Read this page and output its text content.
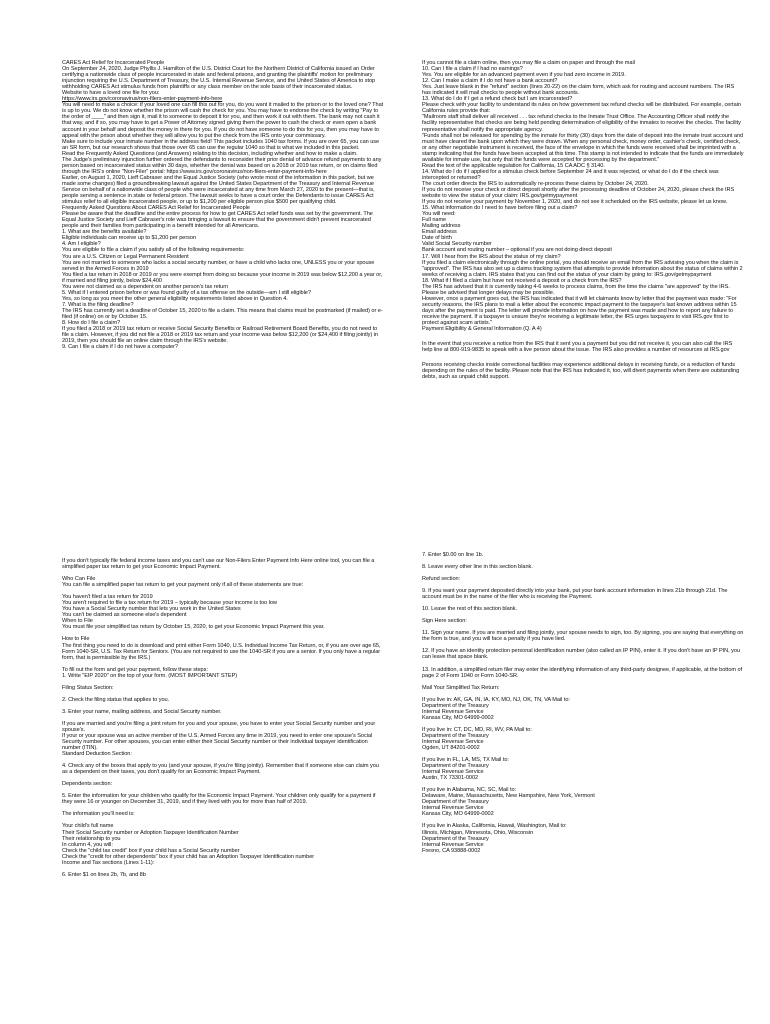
CARES Act Relief for Incarcerated People

On September 24, 2020, Judge Phyllis J. Hamilton of the U.S. District Court for the Northern District of California issued an Order certifying a nationwide class of people incarcerated in state and federal prisons, and granting the plaintiffs' motion for preliminary injunction requiring the U.S. Department of Treasury, the U.S. Internal Revenue Service, and the United States of America to stop withholding CARES Act stimulus funds from plaintiffs or any class member on the sole basis of their incarcerated status.

Website to have a loved one file for you:

https://www.irs.gov/coronavirus/non-filers-enter-payment-info-here

You will need to make a choice: if your loved one can fill this out for you, do you want it mailed to the prison or to the loved one? That is up to you. We do not know whether the prison will cash the check for you. You may have to endorse the check by writing "Pay to the order of ____" and then sign it, mail it to someone to deposit it for you, and then work it out with them. The bank may not cash it that way, and if so, you may have to get a Power of Attorney signed giving them the power to cash the check or even open a bank account in your behalf and deposit the money in there for you. If you do not have someone to do this for you, then you may have to appeal with the prison about whether they will allow you to put the check from the IRS onto your commissary.

Make sure to include your inmate number in the address field! This packet includes 1040 tax forms. If you are over 65, you can use an SR form, but our research shows that those over 65 can use the regular 1040 so that is what we included in this packet.

Read the Frequently Asked Questions (and Answers) relating to this decision, including whether and how to make a claim.

The Judge's preliminary injunction further ordered the defendants to reconsider their prior denial of advance refund payments to any person based on incarcerated status within 30 days, whether the denial was based on a 2018 or 2019 tax return, or on claims filed through the IRS's online "Non-Filer" portal: https://www.irs.gov/coronavirus/non-filers-enter-payment-info-here

Earlier, on August 1, 2020, Lieff Cabraser and the Equal Justice Society (who wrote most of the information in this packet, but we made some changes) filed a groundbreaking lawsuit against the United States Department of the Treasury and Internal Revenue Service on behalf of a nationwide class of people who were incarcerated at any time from March 27, 2020 to the present—that is, people serving a sentence in state or federal prison. The lawsuit seeks to have a court order the Defendants to issue CARES Act stimulus relief to all eligible incarcerated people, or up to $1,200 per eligible person plus $500 per qualifying child.

Frequently Asked Questions About CARES Act Relief for Incarcerated People

Please be aware that the deadline and the entire process for how to get CARES Act relief funds was set by the government. The Equal Justice Society and Lieff Cabraser's role was bringing a lawsuit to ensure that the government didn't prevent incarcerated people and their families from participating in a benefit intended for all Americans.

1. What are the benefits available?

Eligible individuals can receive up to $1,200 per person

4. Am I eligible?

You are eligible to file a claim if you satisfy all of the following requirements:

You are a U.S. Citizen or Legal Permanent Resident

You are not married to someone who lacks a social security number, or have a child who lacks one, UNLESS you or your spouse served in the Armed Forces in 2019

You filed a tax return in 2018 or 2019 or you were exempt from doing so because your income in 2019 was below $12,200 a year or, if married and filing jointly, below $24,400

You were not claimed as a dependent on another person's tax return

5. What if I entered prison before or was found guilty of a tax offense on the outside—am I still eligible?

Yes, so long as you meet the other general eligibility requirements listed above in Question 4.

7. What is the filing deadline?

The IRS has currently set a deadline of October 15, 2020 to file a claim. This means that claims must be postmarked (if mailed) or e-filed (if online) on or by October 15.

8. How do I file a claim?

If you filed a 2018 or 2019 tax return or receive Social Security Benefits or Railroad Retirement Board Benefits, you do not need to file a claim. However, if you did not file a 2018 or 2019 tax return and your income was below $12,200 (or $24,400 if filing jointly) in 2019, then you should file an online claim through the IRS's website.

9. Can I file a claim if I do not have a computer?

If you cannot file a claim online, then you may file a claim on paper and through the mail

10. Can I file a claim if I had no earnings?

Yes. You are eligible for an advanced payment even if you had zero income in 2019.

12. Can I make a claim if I do not have a bank account?

Yes. Just leave blank in the "refund" section (lines 20-22) on the claim form, which ask for routing and account numbers. The IRS has indicated it will mail checks to people without bank accounts.

13. What do I do if I get a refund check but I am incarcerated?

Please check with your facility to understand its rules on how government tax refund checks will be distributed. For example, certain California rules provide that:

"Mailroom staff shall deliver all received . . . tax refund checks to the Inmate Trust Office. The Accounting Officer shall notify the facility representative that checks are being held pending determination of eligibility of the inmates to receive the checks. The facility representative shall notify the appropriate agency.

"Funds shall not be released for spending by the inmate for thirty (30) days from the date of deposit into the inmate trust account and must have cleared the bank upon which they were drawn. When any personal check, money order, cashier's check, certified check, or any other negotiable instrument is received, the face of the envelope in which the funds were received shall be imprinted with a stamp indicating that the funds have been accepted at this time. This stamp is not intended to indicate that the funds are immediately available for inmate use, but only that the funds were accepted for processing by the department."

Read the text of the applicable regulation for California, 15 CA ADC § 3140.

14. What do I do if I applied for a stimulus check before September 24 and it was rejected, or what do I do if the check was intercepted or returned?

The court order directs the IRS to automatically re-process these claims by October 24, 2020.

If you do not receive your check or direct deposit shortly after the processing deadline of October 24, 2020, please check the IRS website to view the status of your claim: IRS.gov/getmypayment

If you do not receive your payment by November 1, 2020, and do not see it scheduled on the IRS website, please let us know.

15. What information do I need to have before filing out a claim?

You will need:

Full name

Mailing address

Email address

Date of birth

Valid Social Security number

Bank account and routing number – optional if you are not doing direct deposit

17. Will I hear from the IRS about the status of my claim?

If you filed a claim electronically through the online portal, you should receive an email from the IRS advising you when the claim is "approved". The IRS has also set up a claims tracking system that attempts to provide information about the status of claims within 2 weeks of receiving a claim. IRS states that you can find out the status of your claim by going to: IRS.gov/getmypayment

18. What if I filed a claim but have not received a deposit or a check from the IRS?

The IRS has advised that it is currently taking 4-6 weeks to process claims, from the time the claims "are approved" by the IRS. Please be advised that longer delays may be possible.

However, once a payment goes out, the IRS has indicated that it will let claimants know by letter that the payment was made: "For security reasons, the IRS plans to mail a letter about the economic impact payment to the taxpayer's last known address within 15 days after the payment is paid. The letter will provide information on how the payment was made and how to report any failure to receive the payment. If a taxpayer is unsure they're receiving a legitimate letter, the IRS urges taxpayers to visit IRS.gov first to protect against scam artists."

Payment Eligibility & General Information (Q. A 4)

In the event that you receive a notice from the IRS that it sent you a payment but you did not receive it, you can also call the IRS help line at 800-919-9835 to speak with a live person about the issue. The IRS also provides a number of resources at IRS.gov

Persons receiving checks inside correctional facilities may experience additional delays in receiving funds, or a reduction of funds depending on the rules of the facility. Please note that the IRS has indicated it, too, will divert payments when there are outstanding debts, such as unpaid child support.

If you don't typically file federal income taxes and you can't use our Non-Filers Enter Payment Info Here online tool, you can file a simplified paper tax return to get your Economic Impact Payment.

Who Can File

You can file a simplified paper tax return to get your payment only if all of these statements are true:

You haven't filed a tax return for 2019

You aren't required to file a tax return for 2019 – typically because your income is too low

You have a Social Security number that lets you work in the United States

You can't be claimed as someone else's dependent

When to File

You must file your simplified tax return by October 15, 2020, to get your Economic Impact Payment this year.

How to File

The first thing you need to do is download and print either Form 1040, U.S. Individual Income Tax Return, or, if you are over age 65, Form 1040-SR, U.S. Tax Return for Seniors. (You are not required to use the 1040-SR if you are a senior. If you only have a regular form, that is permissible by the IRS.)

To fill out the form and get your payment, follow these steps:

1. Write "EIP 2020" on the top of your form. (MOST IMPORTANT STEP)

Filing Status Section:

2. Check the filing status that applies to you.

3. Enter your name, mailing address, and Social Security number.

If you are married and you're filing a joint return for you and your spouse, you have to enter your Social Security number and your spouse's.

If your or your spouse was an active member of the U.S. Armed Forces any time in 2019, you need to enter one spouse's Social Security number. For other spouses, you can enter either their Social Security number or their individual taxpayer identification number (ITIN).

Standard Deduction Section:

4. Check any of the boxes that apply to you (and your spouse, if you're filing jointly). Remember that if someone else can claim you as a dependent on their taxes, you don't qualify for an Economic Impact Payment.

Dependents section:

5. Enter the information for your children who qualify for the Economic Impact Payment. Your children only qualify for a payment if they were 16 or younger on December 31, 2019, and if they lived with you for more than half of 2019.

The information you'll need is:

Your child's full name

Their Social Security number or Adoption Taxpayer Identification Number

Their relationship to you

In column 4, you will:

Check the "child tax credit" box if your child has a Social Security number

Check the "credit for other dependents" box if your child has an Adoption Taxpayer Identification number

Income and Tax sections (Lines 1-11):

6. Enter $1 on lines 2b, 7b, and 8b

7. Enter $0.00 on line 1b.

8. Leave every other line in this section blank.

Refund section:

9. If you want your payment deposited directly into your bank, put your bank account information in lines 21b through 21d. The account must be in the name of the filer who is receiving the Payment.

10. Leave the rest of this section blank.

Sign Here section:

11. Sign your name. If you are married and filing jointly, your spouse needs to sign, too. By signing, you are saying that everything on the form is true, and you will face a penalty if you have lied.

12. If you have an identity protection personal identification number (also called an IP PIN), enter it. If you don't have an IP PIN, you can leave that space blank.

13. In addition, a simplified return filer may enter the identifying information of any third-party designee, if applicable, at the bottom of page 2 of Form 1040 or Form 1040-SR.

Mail Your Simplified Tax Return:

If you live in: AK, GA, IN, IA, KY, MO, NJ, OK, TN, VA Mail to:

Department of the Treasury

Internal Revenue Service

Kansas City, MO 64999-0002

If you live in: CT, DC, MD, RI, WV, PA Mail to:

Department of the Treasury

Internal Revenue Service

Ogden, UT 84201-0002

If you live in FL, LA, MS, TX Mail to:

Department of the Treasury

Internal Revenue Service

Austin, TX 73301-0002

If you live in Alabama, NC, SC, Mail to:

Delaware, Maine, Massachusetts, New Hampshire, New York, Vermont

Department of the Treasury

Internal Revenue Service

Kansas City, MO 64999-0002

If you live in Alaska, California, Hawaii, Washington, Mail to:

Illinois, Michigan, Minnesota, Ohio, Wisconsin

Department of the Treasury

Internal Revenue Service

Fresno, CA 93888-0002
